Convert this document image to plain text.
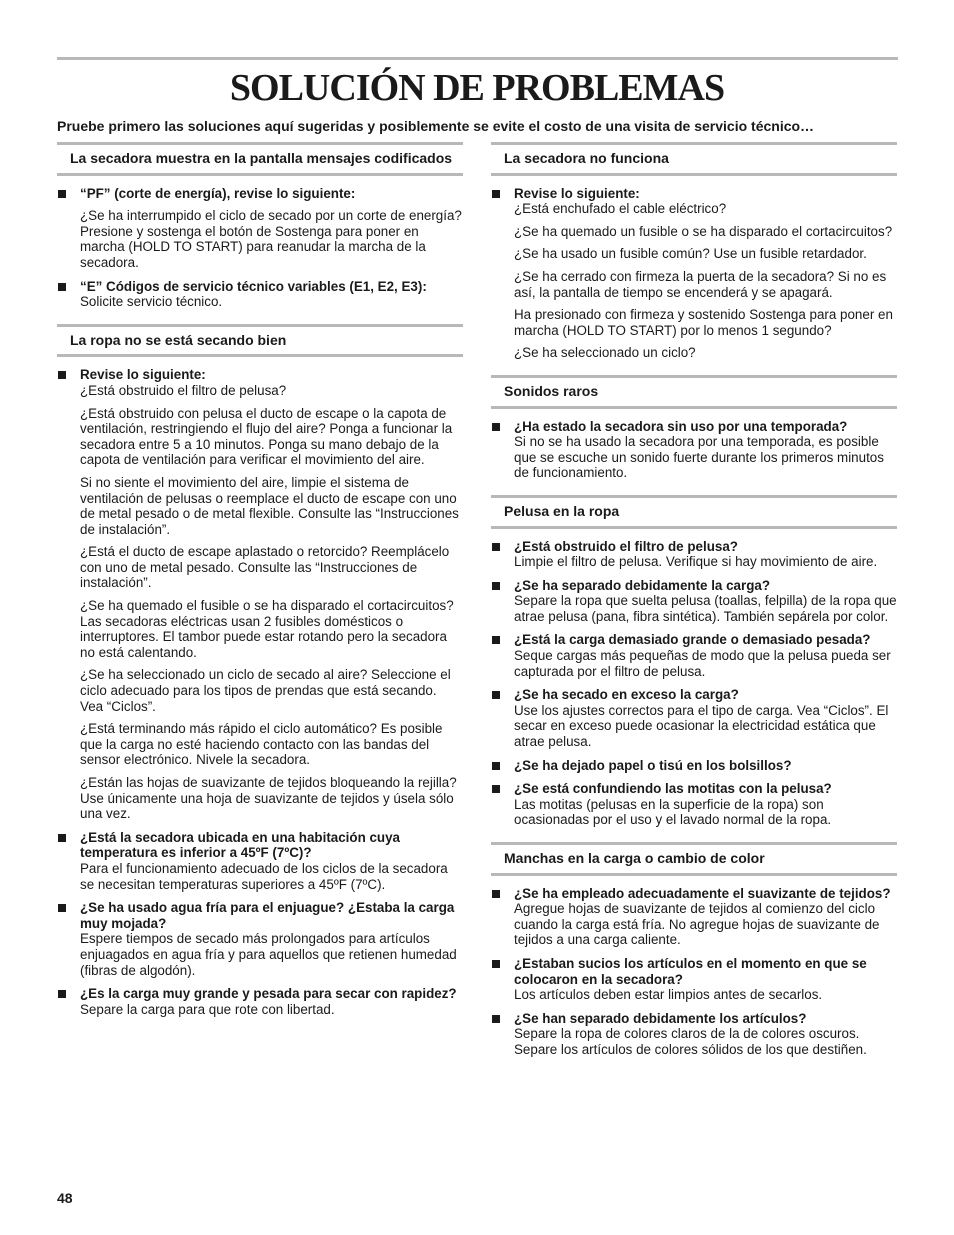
SOLUCIÓN DE PROBLEMAS
Pruebe primero las soluciones aquí sugeridas y posiblemente se evite el costo de una visita de servicio técnico…
La secadora muestra en la pantalla mensajes codificados
“PF” (corte de energía), revise lo siguiente:
¿Se ha interrumpido el ciclo de secado por un corte de energía?
Presione y sostenga el botón de Sostenga para poner en marcha (HOLD TO START) para reanudar la marcha de la secadora.
“E” Códigos de servicio técnico variables (E1, E2, E3):
Solicite servicio técnico.
La ropa no se está secando bien
Revise lo siguiente:
¿Está obstruido el filtro de pelusa?
¿Está obstruido con pelusa el ducto de escape o la capota de ventilación, restringiendo el flujo del aire? Ponga a funcionar la secadora entre 5 a 10 minutos. Ponga su mano debajo de la capota de ventilación para verificar el movimiento del aire.
Si no siente el movimiento del aire, limpie el sistema de ventilación de pelusas o reemplace el ducto de escape con uno de metal pesado o de metal flexible. Consulte las “Instrucciones de instalación”.
¿Está el ducto de escape aplastado o retorcido? Reemplácelo con uno de metal pesado. Consulte las “Instrucciones de instalación”.
¿Se ha quemado el fusible o se ha disparado el cortacircuitos? Las secadoras eléctricas usan 2 fusibles domésticos o interruptores. El tambor puede estar rotando pero la secadora no está calentando.
¿Se ha seleccionado un ciclo de secado al aire? Seleccione el ciclo adecuado para los tipos de prendas que está secando. Vea “Ciclos”.
¿Está terminando más rápido el ciclo automático? Es posible que la carga no esté haciendo contacto con las bandas del sensor electrónico. Nivele la secadora.
¿Están las hojas de suavizante de tejidos bloqueando la rejilla? Use únicamente una hoja de suavizante de tejidos y úsela sólo una vez.
¿Está la secadora ubicada en una habitación cuya temperatura es inferior a 45ºF (7ºC)?
Para el funcionamiento adecuado de los ciclos de la secadora se necesitan temperaturas superiores a 45ºF (7ºC).
¿Se ha usado agua fría para el enjuague? ¿Estaba la carga muy mojada?
Espere tiempos de secado más prolongados para artículos enjuagados en agua fría y para aquellos que retienen humedad (fibras de algodón).
¿Es la carga muy grande y pesada para secar con rapidez?
Separe la carga para que rote con libertad.
La secadora no funciona
Revise lo siguiente:
¿Está enchufado el cable eléctrico?
¿Se ha quemado un fusible o se ha disparado el cortacircuitos?
¿Se ha usado un fusible común? Use un fusible retardador.
¿Se ha cerrado con firmeza la puerta de la secadora? Si no es así, la pantalla de tiempo se encenderá y se apagará.
Ha presionado con firmeza y sostenido Sostenga para poner en marcha (HOLD TO START) por lo menos 1 segundo?
¿Se ha seleccionado un ciclo?
Sonidos raros
¿Ha estado la secadora sin uso por una temporada?
Si no se ha usado la secadora por una temporada, es posible que se escuche un sonido fuerte durante los primeros minutos de funcionamiento.
Pelusa en la ropa
¿Está obstruido el filtro de pelusa?
Limpie el filtro de pelusa. Verifique si hay movimiento de aire.
¿Se ha separado debidamente la carga?
Separe la ropa que suelta pelusa (toallas, felpilla) de la ropa que atrae pelusa (pana, fibra sintética). También sepárela por color.
¿Está la carga demasiado grande o demasiado pesada?
Seque cargas más pequeñas de modo que la pelusa pueda ser capturada por el filtro de pelusa.
¿Se ha secado en exceso la carga?
Use los ajustes correctos para el tipo de carga. Vea “Ciclos”. El secar en exceso puede ocasionar la electricidad estática que atrae pelusa.
¿Se ha dejado papel o tisú en los bolsillos?
¿Se está confundiendo las motitas con la pelusa?
Las motitas (pelusas en la superficie de la ropa) son ocasionadas por el uso y el lavado normal de la ropa.
Manchas en la carga o cambio de color
¿Se ha empleado adecuadamente el suavizante de tejidos?
Agregue hojas de suavizante de tejidos al comienzo del ciclo cuando la carga está fría. No agregue hojas de suavizante de tejidos a una carga caliente.
¿Estaban sucios los artículos en el momento en que se colocaron en la secadora?
Los artículos deben estar limpios antes de secarlos.
¿Se han separado debidamente los artículos?
Separe la ropa de colores claros de la de colores oscuros.
Separe los artículos de colores sólidos de los que destiñen.
48
